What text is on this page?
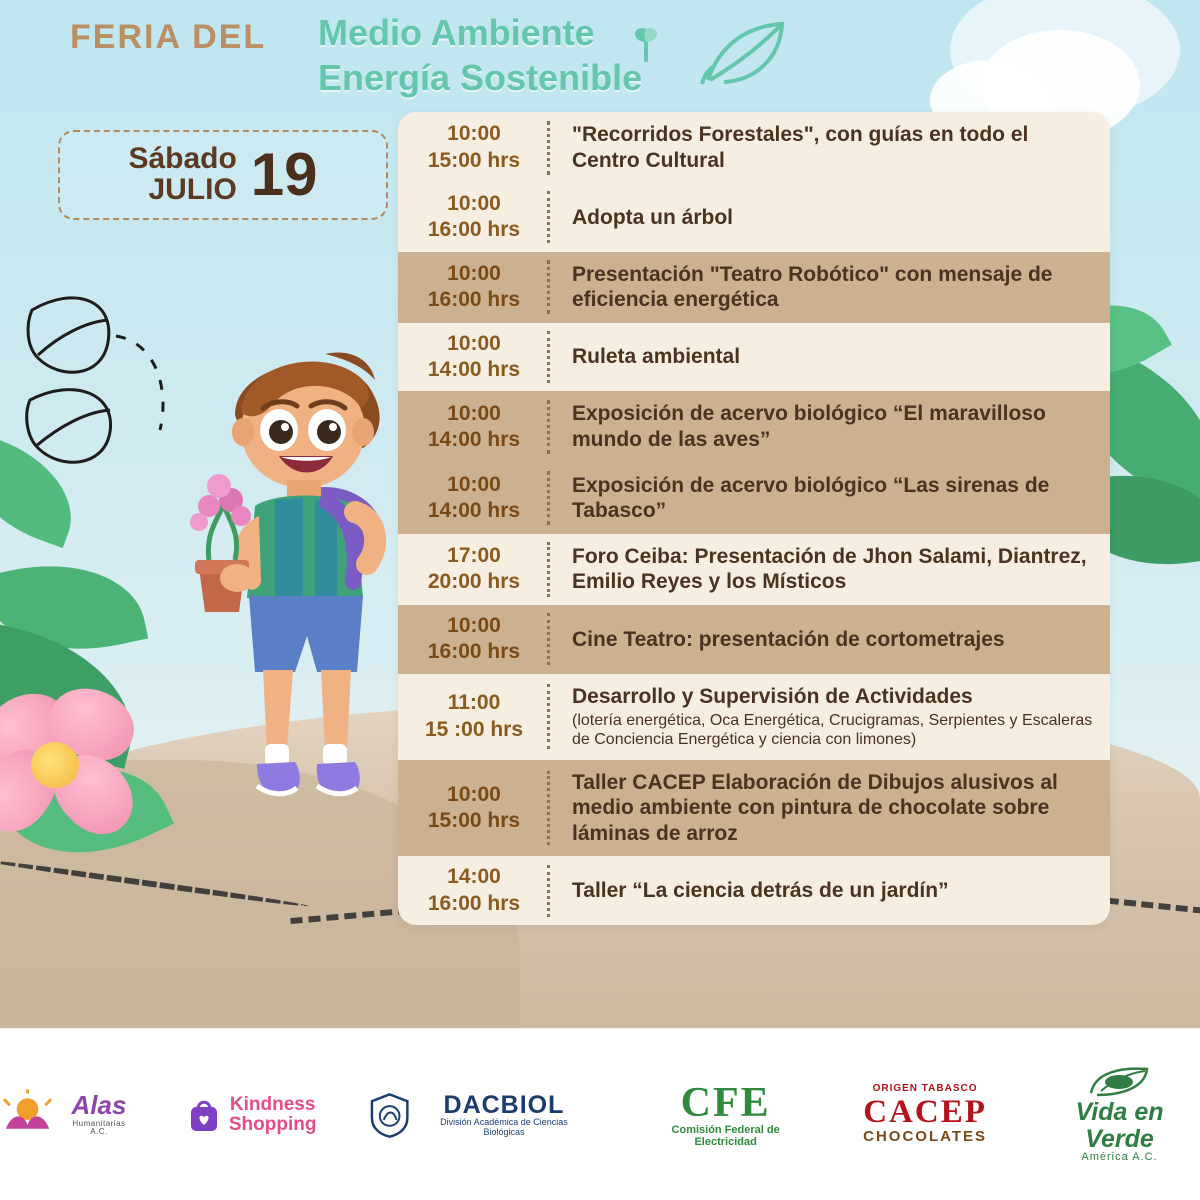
FERIA DEL Medio Ambiente
Energía Sostenible
Sábado
JULIO 19
10:00
15:00 hrs
"Recorridos Forestales", con guías en todo el Centro Cultural
10:00
16:00 hrs
Adopta un árbol
10:00
16:00 hrs
Presentación "Teatro Robótico" con mensaje de eficiencia energética
10:00
14:00 hrs
Ruleta ambiental
10:00
14:00 hrs
Exposición de acervo biológico “El maravilloso mundo de las aves”
10:00
14:00 hrs
Exposición de acervo biológico “Las sirenas de Tabasco”
17:00
20:00 hrs
Foro Ceiba: Presentación de Jhon Salami, Diantrez, Emilio Reyes y los Místicos
10:00
16:00 hrs
Cine Teatro: presentación de cortometrajes
11:00
15 :00 hrs
Desarrollo y Supervisión de Actividades
(lotería energética, Oca Energética, Crucigramas, Serpientes y Escaleras de Conciencia Energética y ciencia con limones)
10:00
15:00 hrs
Taller CACEP Elaboración de Dibujos alusivos al medio ambiente con pintura de chocolate sobre láminas de arroz
14:00
16:00 hrs
Taller “La ciencia detrás de un jardín”
Alas
Humanitarias A.C.
Kindness
Shopping
DACBIOL
División Académica de Ciencias Biológicas
CFE
Comisión Federal de Electricidad
ORIGEN TABASCO
CACEP
CHOCOLATES
Vida en Verde
América A.C.
